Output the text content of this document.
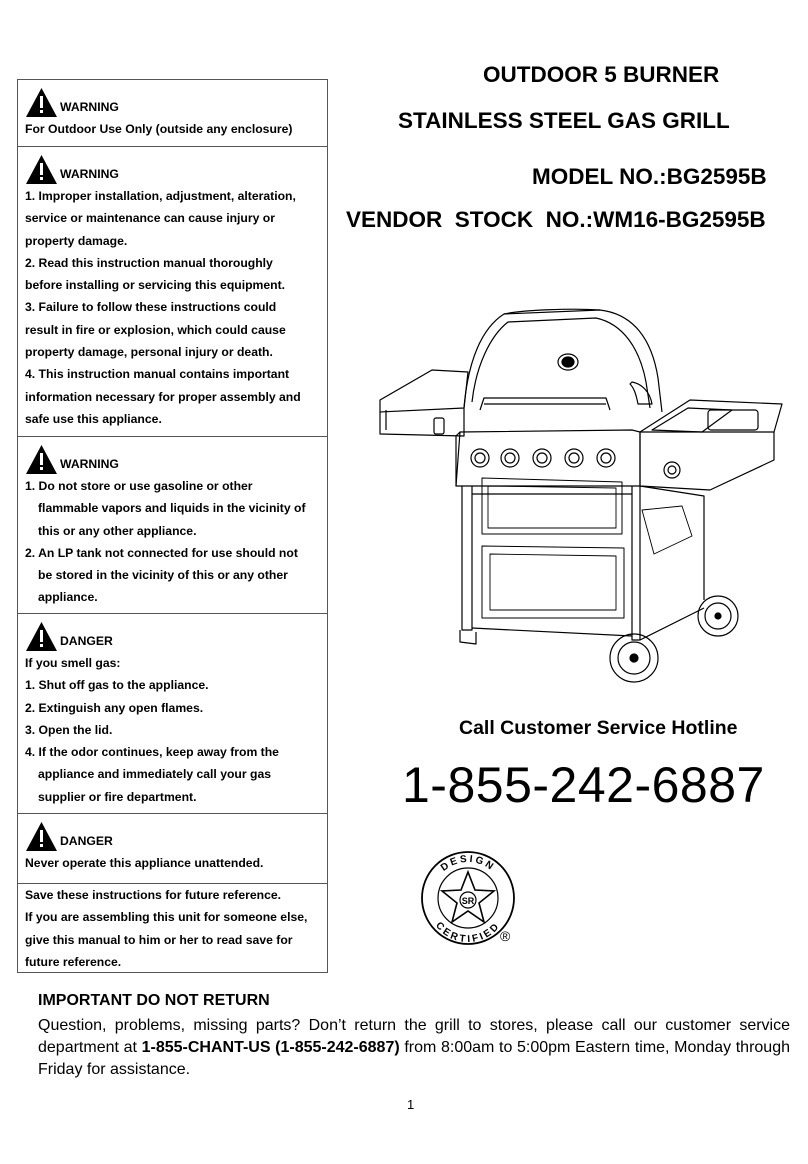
WARNING

For Outdoor Use Only (outside any enclosure)

WARNING

1. Improper installation, adjustment, alteration,

service or maintenance can cause injury or

property damage.

2. Read this instruction manual thoroughly

before installing or servicing this equipment.

3. Failure to follow these instructions could

result in fire or explosion, which could cause

property damage, personal injury or death.

4. This instruction manual contains important

information necessary for proper assembly and

safe use this appliance.

WARNING

1. Do not store or use gasoline or other

flammable vapors and liquids in the vicinity of

this or any other appliance.

2. An LP tank not connected for use should not

be stored in the vicinity of this or any other

appliance.

DANGER

If you smell gas:

1. Shut off gas to the appliance.

2. Extinguish any open flames.

3. Open the lid.

4. If the odor continues, keep away from the

appliance and immediately call your gas

supplier or fire department.

DANGER

Never operate this appliance unattended.

Save these instructions for future reference.

If you are assembling this unit for someone else,

give this manual to him or her to read save for

future reference.

OUTDOOR 5 BURNER
STAINLESS STEEL GAS GRILL
MODEL NO.:BG2595B
VENDOR  STOCK  NO.:WM16-BG2595B
Call Customer Service Hotline
1-855-242-6887
DESIGN
CERTIFIED
SR
®
IMPORTANT DO NOT RETURN
Question, problems, missing parts? Don’t return the grill to stores, please call our customer service department at 1-855-CHANT-US (1-855-242-6887) from 8:00am to 5:00pm Eastern time, Monday through Friday for assistance.
1
